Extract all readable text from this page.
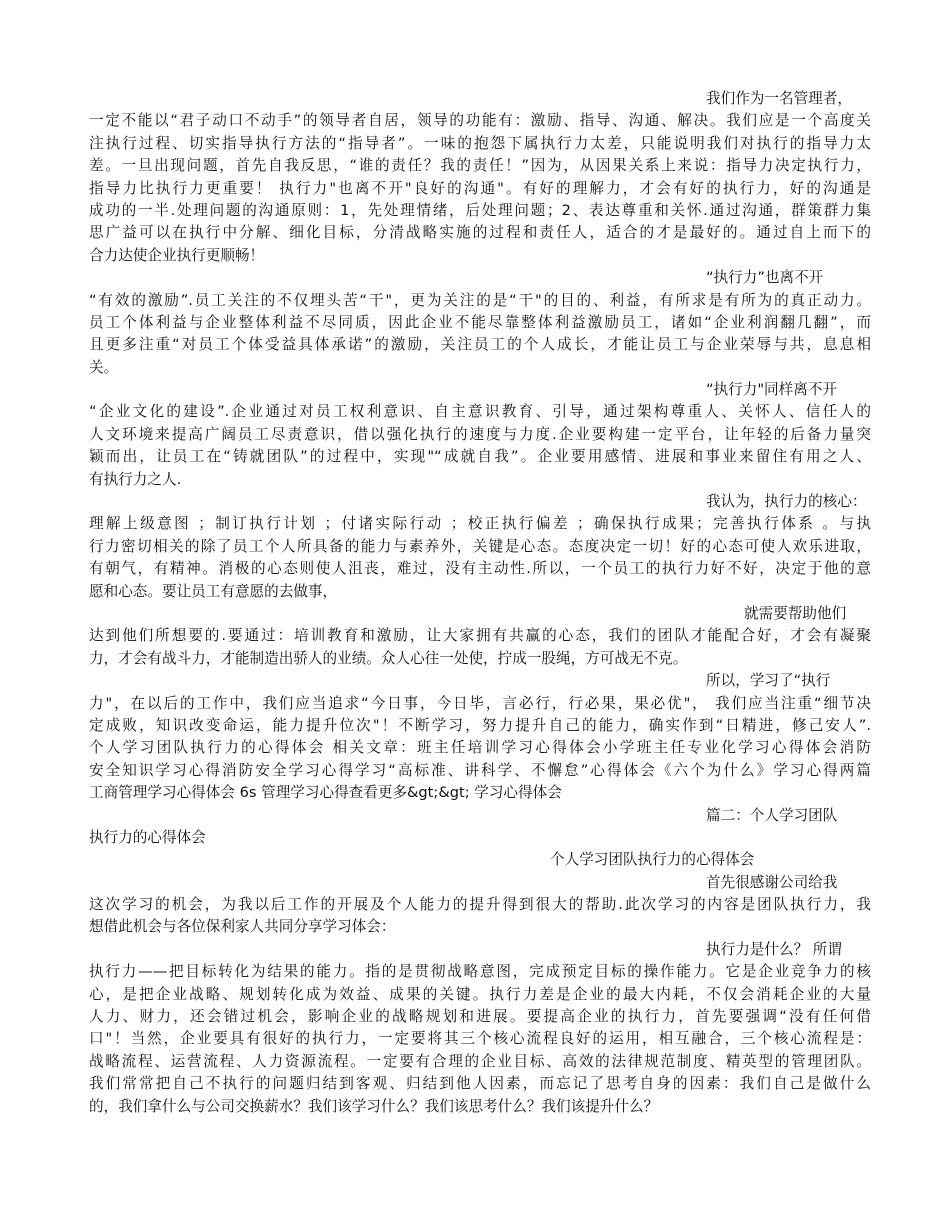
我们作为一名管理者，
一定不能以“君子动口不动手”的领导者自居，领导的功能有：激励、指导、沟通、解决。我们应是一个高度关
注执行过程、切实指导执行方法的“指导者”。一味的抱怨下属执行力太差，只能说明我们对执行的指导力太
差。一旦出现问题，首先自我反思，“谁的责任？我的责任！”因为，从因果关系上来说：指导力决定执行力，
指导力比执行力更重要！ 执行力"也离不开"良好的沟通"。有好的理解力，才会有好的执行力，好的沟通是
成功的一半.处理问题的沟通原则：1，先处理情绪，后处理问题；2、表达尊重和关怀.通过沟通，群策群力集
思广益可以在执行中分解、细化目标，分清战略实施的过程和责任人，适合的才是最好的。通过自上而下的
合力达使企业执行更顺畅！
“执行力”也离不开
“有效的激励”.员工关注的不仅埋头苦“干"，更为关注的是“干"的目的、利益，有所求是有所为的真正动力。
员工个体利益与企业整体利益不尽同质，因此企业不能尽靠整体利益激励员工，诸如“企业利润翻几翻”，而
且更多注重“对员工个体受益具体承诺”的激励，关注员工的个人成长，才能让员工与企业荣辱与共，息息相
关。
“执行力"同样离不开
“企业文化的建设”.企业通过对员工权利意识、自主意识教育、引导，通过架构尊重人、关怀人、信任人的
人文环境来提高广阔员工尽责意识，借以强化执行的速度与力度.企业要构建一定平台，让年轻的后备力量突
颖而出，让员工在“铸就团队”的过程中，实现"“成就自我”。企业要用感情、进展和事业来留住有用之人、
有执行力之人.
我认为，执行力的核心：
理解上级意图 ；制订执行计划 ；付诸实际行动 ；校正执行偏差 ；确保执行成果；完善执行体系 。与执
行力密切相关的除了员工个人所具备的能力与素养外，关键是心态。态度决定一切！好的心态可使人欢乐进取，
有朝气，有精神。消极的心态则使人沮丧，难过，没有主动性.所以，一个员工的执行力好不好，决定于他的意
愿和心态。要让员工有意愿的去做事，
就需要帮助他们
达到他们所想要的.要通过：培训教育和激励，让大家拥有共赢的心态，我们的团队才能配合好，才会有凝聚
力，才会有战斗力，才能制造出骄人的业绩。众人心往一处使，拧成一股绳，方可战无不克。
所以，学习了“执行
力"，在以后的工作中，我们应当追求“今日事，今日毕，言必行，行必果，果必优"， 我们应当注重“细节决
定成败，知识改变命运，能力提升位次"！不断学习，努力提升自己的能力，确实作到“日精进，修己安人”.
个人学习团队执行力的心得体会 相关文章：班主任培训学习心得体会小学班主任专业化学习心得体会消防
安全知识学习心得消防安全学习心得学习“高标准、讲科学、不懈怠”心得体会《六个为什么》学习心得两篇
工商管理学习心得体会 6s 管理学习心得查看更多&gt;&gt; 学习心得体会
篇二：个人学习团队
执行力的心得体会
个人学习团队执行力的心得体会
首先很感谢公司给我
这次学习的机会，为我以后工作的开展及个人能力的提升得到很大的帮助.此次学习的内容是团队执行力，我
想借此机会与各位保利家人共同分享学习体会：
执行力是什么？ 所谓
执行力——把目标转化为结果的能力。指的是贯彻战略意图，完成预定目标的操作能力。它是企业竞争力的核
心，是把企业战略、规划转化成为效益、成果的关键。执行力差是企业的最大内耗，不仅会消耗企业的大量
人力、财力，还会错过机会，影响企业的战略规划和进展。要提高企业的执行力，首先要强调“没有任何借
口"！当然，企业要具有很好的执行力，一定要将其三个核心流程良好的运用，相互融合，三个核心流程是：
战略流程、运营流程、人力资源流程。一定要有合理的企业目标、高效的法律规范制度、精英型的管理团队。
我们常常把自己不执行的问题归结到客观、归结到他人因素，而忘记了思考自身的因素：我们自己是做什么
的，我们拿什么与公司交换薪水？我们该学习什么？我们该思考什么？我们该提升什么？
